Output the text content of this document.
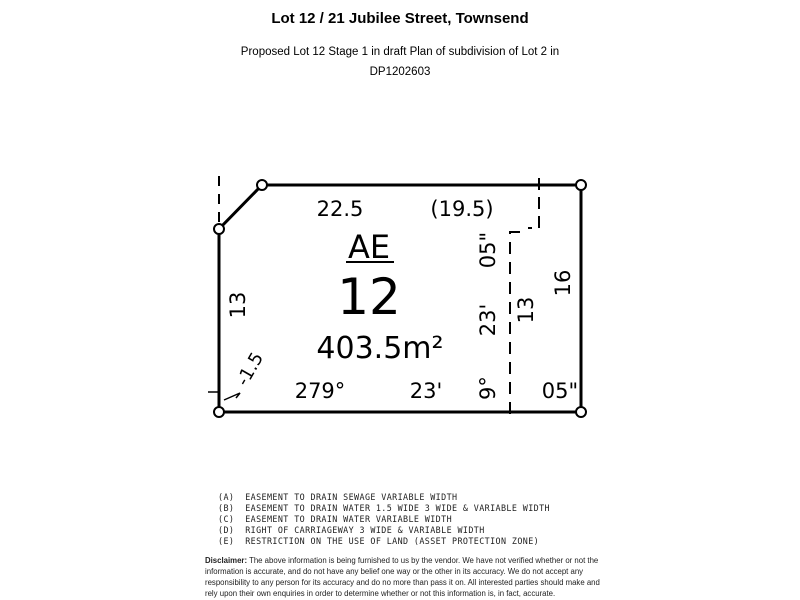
Lot 12 / 21 Jubilee Street, Townsend
Proposed Lot 12 Stage 1 in draft Plan of subdivision of Lot 2 in
DP1202603
22.5	(19.5)
AE
12
403.5m²
13
16
13
-1.5
279°	23'	05"
9°
23'
05"
(A)  EASEMENT TO DRAIN SEWAGE VARIABLE WIDTH
(B)  EASEMENT TO DRAIN WATER 1.5 WIDE 3 WIDE & VARIABLE WIDTH
(C)  EASEMENT TO DRAIN WATER VARIABLE WIDTH
(D)  RIGHT OF CARRIAGEWAY 3 WIDE & VARIABLE WIDTH
(E)  RESTRICTION ON THE USE OF LAND (ASSET PROTECTION ZONE)
Disclaimer: The above information is being furnished to us by the vendor. We have not verified whether or not the information is accurate, and do not have any belief one way or the other in its accuracy. We do not accept any responsibility to any person for its accuracy and do no more than pass it on. All interested parties should make and rely upon their own enquiries in order to determine whether or not this information is, in fact, accurate.
